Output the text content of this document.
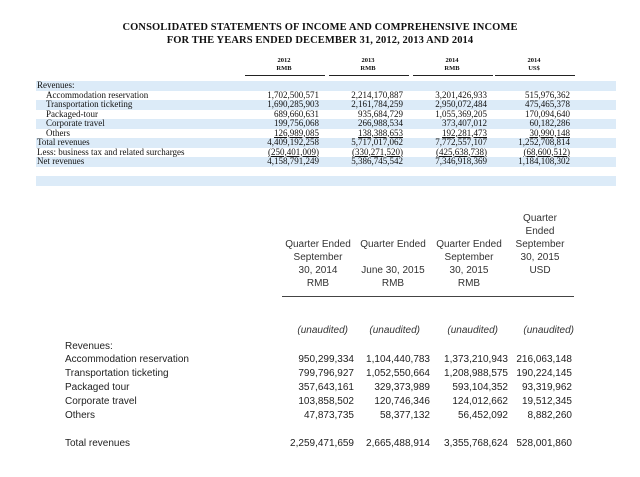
CONSOLIDATED STATEMENTS OF INCOME AND COMPREHENSIVE INCOME
FOR THE YEARS ENDED DECEMBER 31, 2012, 2013 AND 2014
2012
RMB
2013
RMB
2014
RMB
2014
US$
Revenues:
Accommodation reservation	1,702,500,571	2,214,170,887	3,201,426,933	515,976,362
Transportation ticketing	1,690,285,903	2,161,784,259	2,950,072,484	475,465,378
Packaged-tour	689,660,631	935,684,729	1,055,369,205	170,094,640
Corporate travel	199,756,068	266,988,534	373,407,012	60,182,286
Others	126,989,085	138,388,653	192,281,473	30,990,148
Total revenues	4,409,192,258	5,717,017,062	7,772,557,107	1,252,708,814
Less: business tax and related surcharges	(250,401,009)	(330,271,520)	(425,638,738)	(68,600,512)
Net revenues	4,158,791,249	5,386,745,542	7,346,918,369	1,184,108,302
Quarter Ended
September
30, 2014
RMB
Quarter Ended
June 30, 2015
RMB
Quarter Ended
September
30, 2015
RMB
Quarter
Ended
September
30, 2015
USD
(unaudited)	(unaudited)	(unaudited)	(unaudited)
Revenues:
Accommodation reservation	950,299,334	1,104,440,783	1,373,210,943 216,063,148
Transportation ticketing	799,796,927	1,052,550,664	1,208,988,575 190,224,145
Packaged tour	357,643,161	329,373,989	593,104,352	93,319,962
Corporate travel	103,858,502	120,746,346	124,012,662	19,512,345
Others	47,873,735	58,377,132	56,452,092	8,882,260
Total revenues	2,259,471,659	2,665,488,914	3,355,768,624 528,001,860
